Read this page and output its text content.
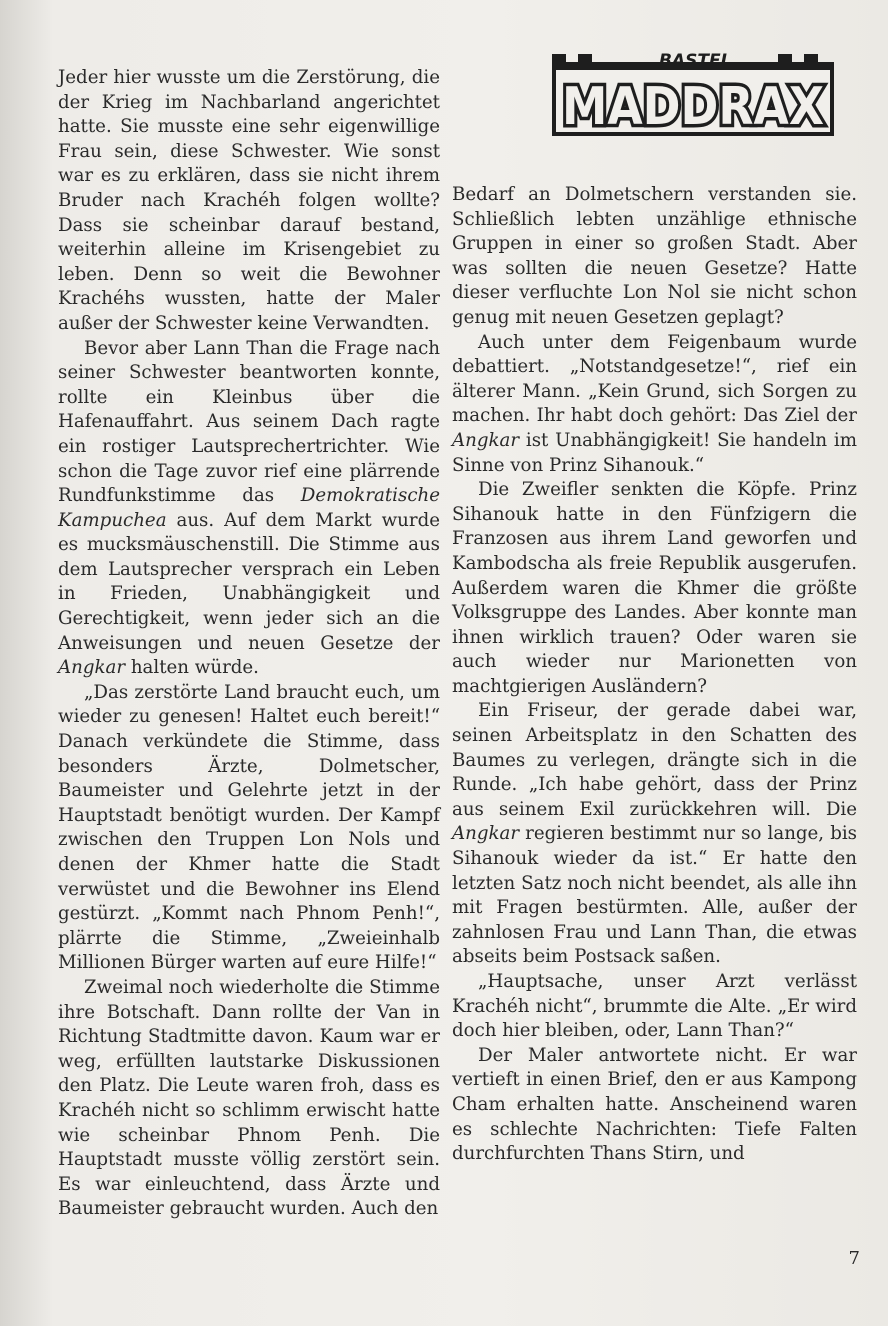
BASTEI
MADDRAX

Jeder hier wusste um die Zerstörung, die der Krieg im Nachbarland angerichtet hatte. Sie musste eine sehr eigenwillige Frau sein, diese Schwester. Wie sonst war es zu erklären, dass sie nicht ihrem Bruder nach Krachéh folgen wollte? Dass sie scheinbar darauf bestand, weiterhin alleine im Krisengebiet zu leben. Denn so weit die Bewohner Krachéhs wussten, hatte der Maler außer der Schwester keine Verwandten.

Bevor aber Lann Than die Frage nach seiner Schwester beantworten konnte, rollte ein Kleinbus über die Hafenauffahrt. Aus seinem Dach ragte ein rostiger Lautsprechertrichter. Wie schon die Tage zuvor rief eine plärrende Rundfunkstimme das Demokratische Kampuchea aus. Auf dem Markt wurde es mucksmäuschenstill. Die Stimme aus dem Lautsprecher versprach ein Leben in Frieden, Unabhängigkeit und Gerechtigkeit, wenn jeder sich an die Anweisungen und neuen Gesetze der Angkar halten würde.

„Das zerstörte Land braucht euch, um wieder zu genesen! Haltet euch bereit!“ Danach verkündete die Stimme, dass besonders Ärzte, Dolmetscher, Baumeister und Gelehrte jetzt in der Hauptstadt benötigt wurden. Der Kampf zwischen den Truppen Lon Nols und denen der Khmer hatte die Stadt verwüstet und die Bewohner ins Elend gestürzt. „Kommt nach Phnom Penh!“, plärrte die Stimme, „Zweieinhalb Millionen Bürger warten auf eure Hilfe!“

Zweimal noch wiederholte die Stimme ihre Botschaft. Dann rollte der Van in Richtung Stadtmitte davon. Kaum war er weg, erfüllten lautstarke Diskussionen den Platz. Die Leute waren froh, dass es Krachéh nicht so schlimm erwischt hatte wie scheinbar Phnom Penh. Die Hauptstadt musste völlig zerstört sein. Es war einleuchtend, dass Ärzte und Baumeister gebraucht wurden. Auch den

Bedarf an Dolmetschern verstanden sie. Schließlich lebten unzählige ethnische Gruppen in einer so großen Stadt. Aber was sollten die neuen Gesetze? Hatte dieser verfluchte Lon Nol sie nicht schon genug mit neuen Gesetzen geplagt?

Auch unter dem Feigenbaum wurde debattiert. „Notstandgesetze!“, rief ein älterer Mann. „Kein Grund, sich Sorgen zu machen. Ihr habt doch gehört: Das Ziel der Angkar ist Unabhängigkeit! Sie handeln im Sinne von Prinz Sihanouk.“

Die Zweifler senkten die Köpfe. Prinz Sihanouk hatte in den Fünfzigern die Franzosen aus ihrem Land geworfen und Kambodscha als freie Republik ausgerufen. Außerdem waren die Khmer die größte Volksgruppe des Landes. Aber konnte man ihnen wirklich trauen? Oder waren sie auch wieder nur Marionetten von machtgierigen Ausländern?

Ein Friseur, der gerade dabei war, seinen Arbeitsplatz in den Schatten des Baumes zu verlegen, drängte sich in die Runde. „Ich habe gehört, dass der Prinz aus seinem Exil zurückkehren will. Die Angkar regieren bestimmt nur so lange, bis Sihanouk wieder da ist.“ Er hatte den letzten Satz noch nicht beendet, als alle ihn mit Fragen bestürmten. Alle, außer der zahnlosen Frau und Lann Than, die etwas abseits beim Postsack saßen.

„Hauptsache, unser Arzt verlässt Krachéh nicht“, brummte die Alte. „Er wird doch hier bleiben, oder, Lann Than?“

Der Maler antwortete nicht. Er war vertieft in einen Brief, den er aus Kampong Cham erhalten hatte. Anscheinend waren es schlechte Nachrichten: Tiefe Falten durchfurchten Thans Stirn, und

7
